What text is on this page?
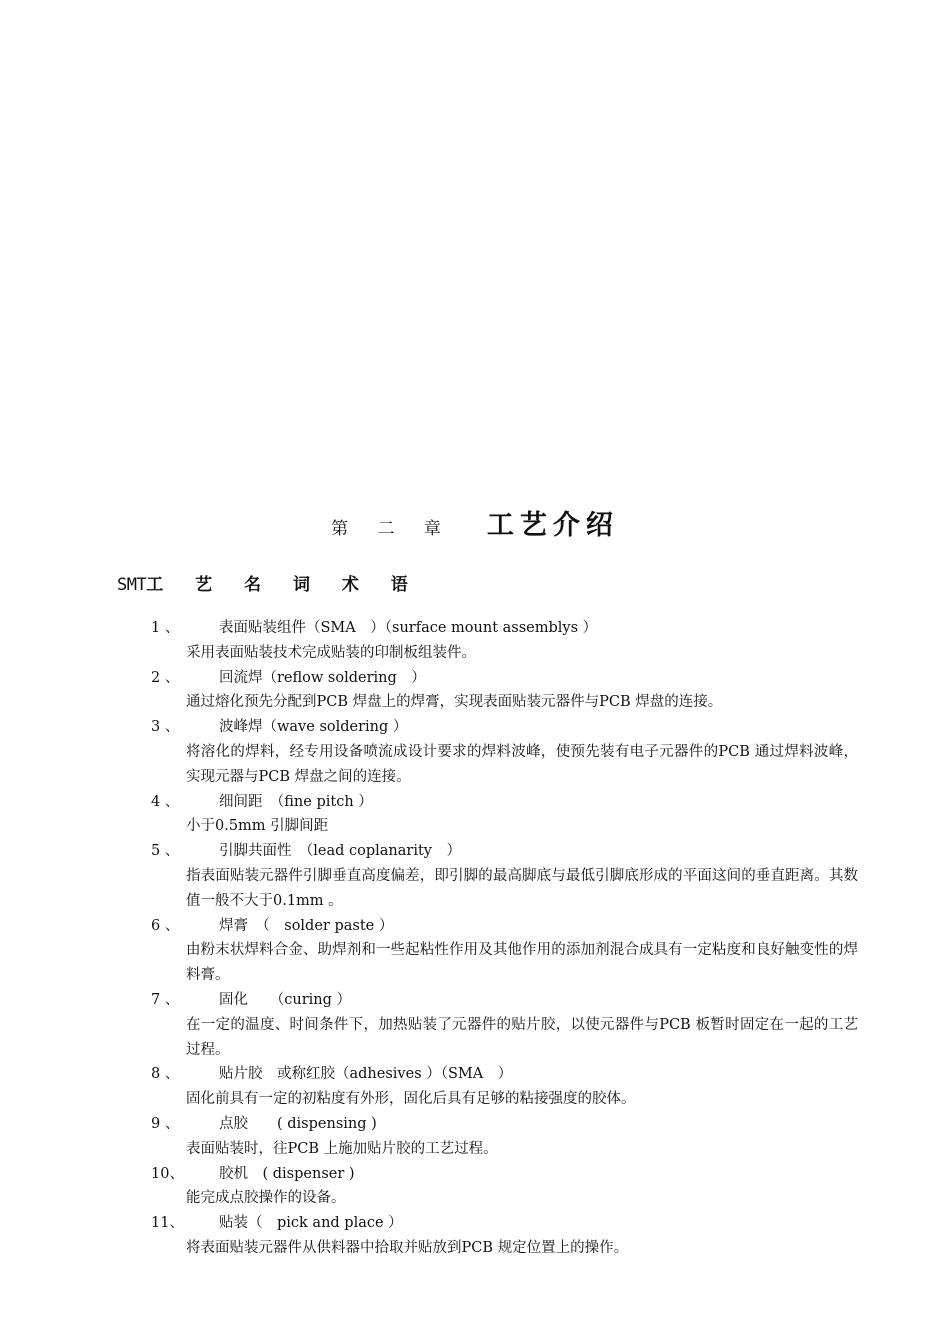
第 二 章 工艺介绍
SMT工 艺 名 词 术 语
1 、	表面贴装组件（SMA　）（surface mount assemblys ）
采用表面贴装技术完成贴装的印制板组装件。
2 、	回流焊（reflow soldering　）
通过熔化预先分配到PCB 焊盘上的焊膏，实现表面贴装元器件与PCB 焊盘的连接。
3 、	波峰焊（wave soldering ）
将溶化的焊料，经专用设备喷流成设计要求的焊料波峰，使预先装有电子元器件的PCB 通过焊料波峰，实现元器与PCB 焊盘之间的连接。
4 、	细间距　（fine pitch ）
小于0.5mm 引脚间距
5 、	引脚共面性　（lead coplanarity　）
指表面贴装元器件引脚垂直高度偏差，即引脚的最高脚底与最低引脚底形成的平面这间的垂直距离。其数值一般不大于0.1mm 。
6 、	焊膏　（　solder paste ）
由粉末状焊料合金、助焊剂和一些起粘性作用及其他作用的添加剂混合成具有一定粘度和良好触变性的焊料膏。
7 、	固化　　（curing ）
在一定的温度、时间条件下，加热贴装了元器件的贴片胶，以使元器件与PCB 板暂时固定在一起的工艺过程。
8 、	贴片胶　或称红胶（adhesives ）（SMA　）
固化前具有一定的初粘度有外形，固化后具有足够的粘接强度的胶体。
9 、	点胶　　( dispensing )
表面贴装时，往PCB 上施加贴片胶的工艺过程。
10、 胶机　( dispenser )
能完成点胶操作的设备。
11、 贴装（　pick and place ）
将表面贴装元器件从供料器中拾取并贴放到PCB 规定位置上的操作。
